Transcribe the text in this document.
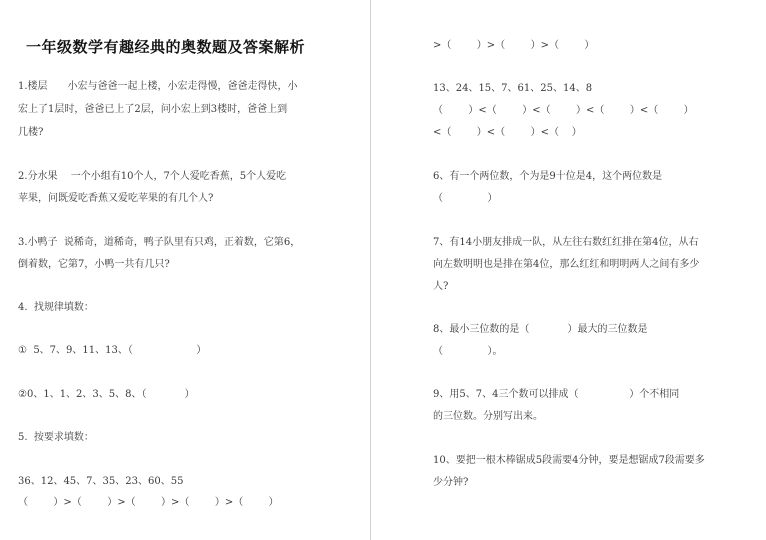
一年级数学有趣经典的奥数题及答案解析
1.楼层　　小宏与爸爸一起上楼，小宏走得慢，爸爸走得快，小
宏上了1层时，爸爸已上了2层，问小宏上到3楼时，爸爸上到
几楼?
2.分水果　 一个小组有10个人，7个人爱吃香蕉，5个人爱吃
苹果，问既爱吃香蕉又爱吃苹果的有几个人?
3.小鸭子  说稀奇，道稀奇，鸭子队里有只鸡，正着数，它第6，
倒着数，它第7，小鸭一共有几只?
4.  找规律填数：
①  5、7、9、11、13、（                    ）
②0、1、1、2、3、5、8、（            ）
5.  按要求填数：
36、12、45、7、35、23、60、55
（        ）>（        ）>（        ）>（        ）>（        ）
>（        ）>（        ）>（        ）
13、24、15、7、61、25、14、8
（        ）<（        ）<（        ）<（        ）<（        ）
<（        ）<（        ）<（    ）
6、有一个两位数，个为是9十位是4，这个两位数是
（              ）
7、有14小朋友排成一队，从左往右数红红排在第4位，从右
向左数明明也是排在第4位，那么红红和明明两人之间有多少
人?
8、最小三位数的是（            ）最大的三位数是
（              ）。
9、用5、7、4三个数可以排成（                ）个不相同
的三位数。分别写出来。
10、要把一根木棒锯成5段需要4分钟，要是想锯成7段需要多
少分钟?
